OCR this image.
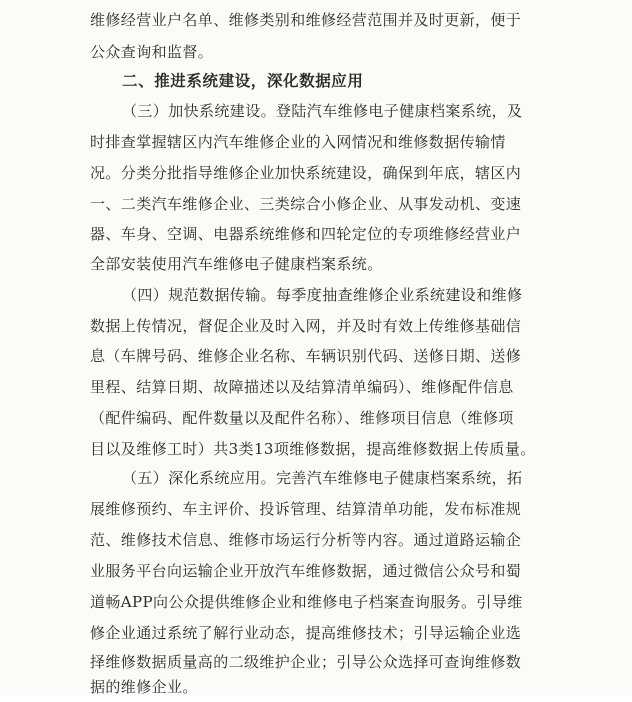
维修经营业户名单、维修类别和维修经营范围并及时更新，便于
公众查询和监督。
二、推进系统建设，深化数据应用
（三）加快系统建设。登陆汽车维修电子健康档案系统，及
时排查掌握辖区内汽车维修企业的入网情况和维修数据传输情
况。分类分批指导维修企业加快系统建设，确保到年底，辖区内
一、二类汽车维修企业、三类综合小修企业、从事发动机、变速
器、车身、空调、电器系统维修和四轮定位的专项维修经营业户
全部安装使用汽车维修电子健康档案系统。
（四）规范数据传输。每季度抽查维修企业系统建设和维修
数据上传情况，督促企业及时入网，并及时有效上传维修基础信
息（车牌号码、维修企业名称、车辆识别代码、送修日期、送修
里程、结算日期、故障描述以及结算清单编码）、维修配件信息
（配件编码、配件数量以及配件名称）、维修项目信息（维修项
目以及维修工时）共3类13项维修数据，提高维修数据上传质量。
（五）深化系统应用。完善汽车维修电子健康档案系统，拓
展维修预约、车主评价、投诉管理、结算清单功能，发布标准规
范、维修技术信息、维修市场运行分析等内容。通过道路运输企
业服务平台向运输企业开放汽车维修数据，通过微信公众号和蜀
道畅APP向公众提供维修企业和维修电子档案查询服务。引导维
修企业通过系统了解行业动态，提高维修技术；引导运输企业选
择维修数据质量高的二级维护企业；引导公众选择可查询维修数
据的维修企业。
